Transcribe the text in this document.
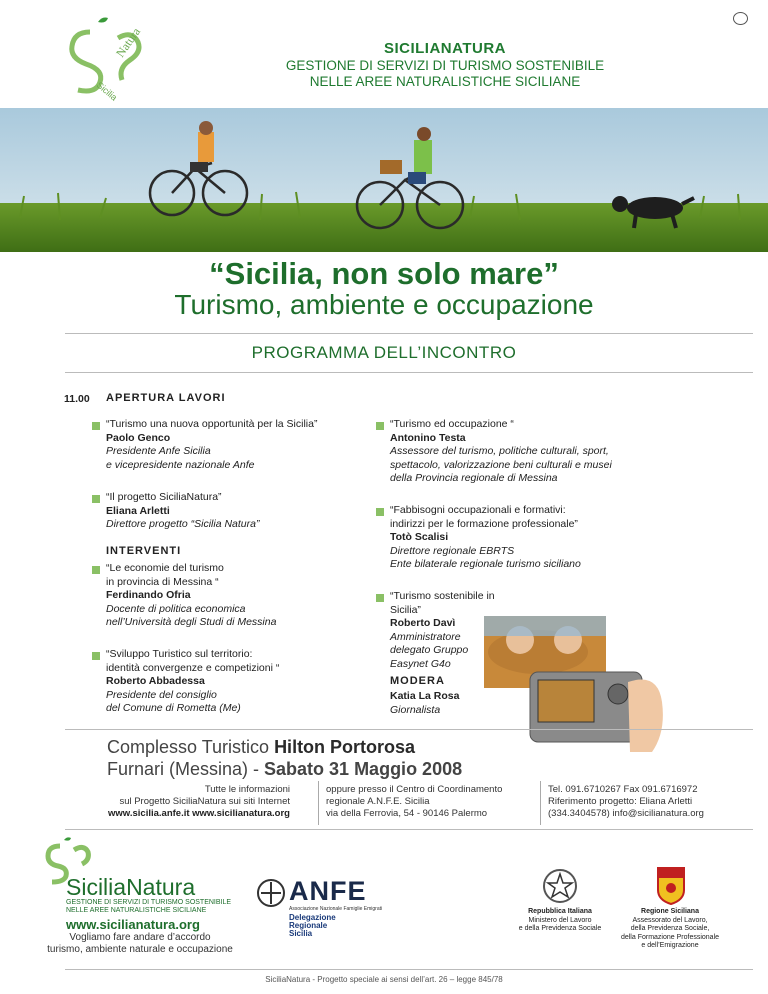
Natura
Sicilia
SICILIANATURA
GESTIONE DI SERVIZI DI TURISMO SOSTENIBILE
NELLE AREE NATURALISTICHE SICILIANE
“Sicilia, non solo mare”
Turismo, ambiente e occupazione
PROGRAMMA DELL’INCONTRO
11.00 APERTURA LAVORI
“Turismo una nuova opportunità per la Sicilia”
Paolo Genco
Presidente Anfe Sicilia
e vicepresidente nazionale Anfe
“Il progetto SiciliaNatura”
Eliana Arletti
Direttore progetto “Sicilia Natura”
INTERVENTI
“Le economie del turismo
in provincia di Messina “
Ferdinando Ofria
Docente di politica economica
nell’Università degli Studi di Messina
“Sviluppo Turistico sul territorio:
identità convergenze e competizioni “
Roberto Abbadessa
Presidente del consiglio
del Comune di Rometta (Me)
“Turismo ed occupazione “
Antonino Testa
Assessore del turismo, politiche culturali, sport,
spettacolo, valorizzazione beni culturali e musei
della Provincia regionale di Messina
“Fabbisogni occupazionali e formativi:
indirizzi per le formazione professionale”
Totò Scalisi
Direttore regionale EBRTS
Ente bilaterale regionale turismo siciliano
“Turismo sostenibile in Sicilia”
Roberto Davì
Amministratore
delegato Gruppo
Easynet G4o
MODERA
Katia La Rosa
Giornalista
Complesso Turistico Hilton Portorosa
Furnari (Messina) - Sabato 31 Maggio 2008
Tutte le informazioni
sul Progetto SiciliaNatura sui siti Internet
www.sicilia.anfe.it www.sicilianatura.org
oppure presso il Centro di Coordinamento
regionale A.N.F.E. Sicilia
via della Ferrovia, 54 - 90146 Palermo
Tel. 091.6710267 Fax 091.6716972
Riferimento progetto: Eliana Arletti
(334.3404578) info@sicilianatura.org
SiciliaNatura
GESTIONE DI SERVIZI DI TURISMO SOSTENIBILE
NELLE AREE NATURALISTICHE SICILIANE
www.sicilianatura.org
Vogliamo fare andare d’accordo
turismo, ambiente naturale e occupazione
ANFE
Associazione Nazionale Famiglie Emigrati
Delegazione
Regionale
Sicilia
Repubblica Italiana
Ministero del Lavoro
e della Previdenza Sociale
Regione Siciliana
Assessorato del Lavoro,
della Previdenza Sociale,
della Formazione Professionale
e dell’Emigrazione
SiciliaNatura - Progetto speciale ai sensi dell’art. 26 – legge 845/78
